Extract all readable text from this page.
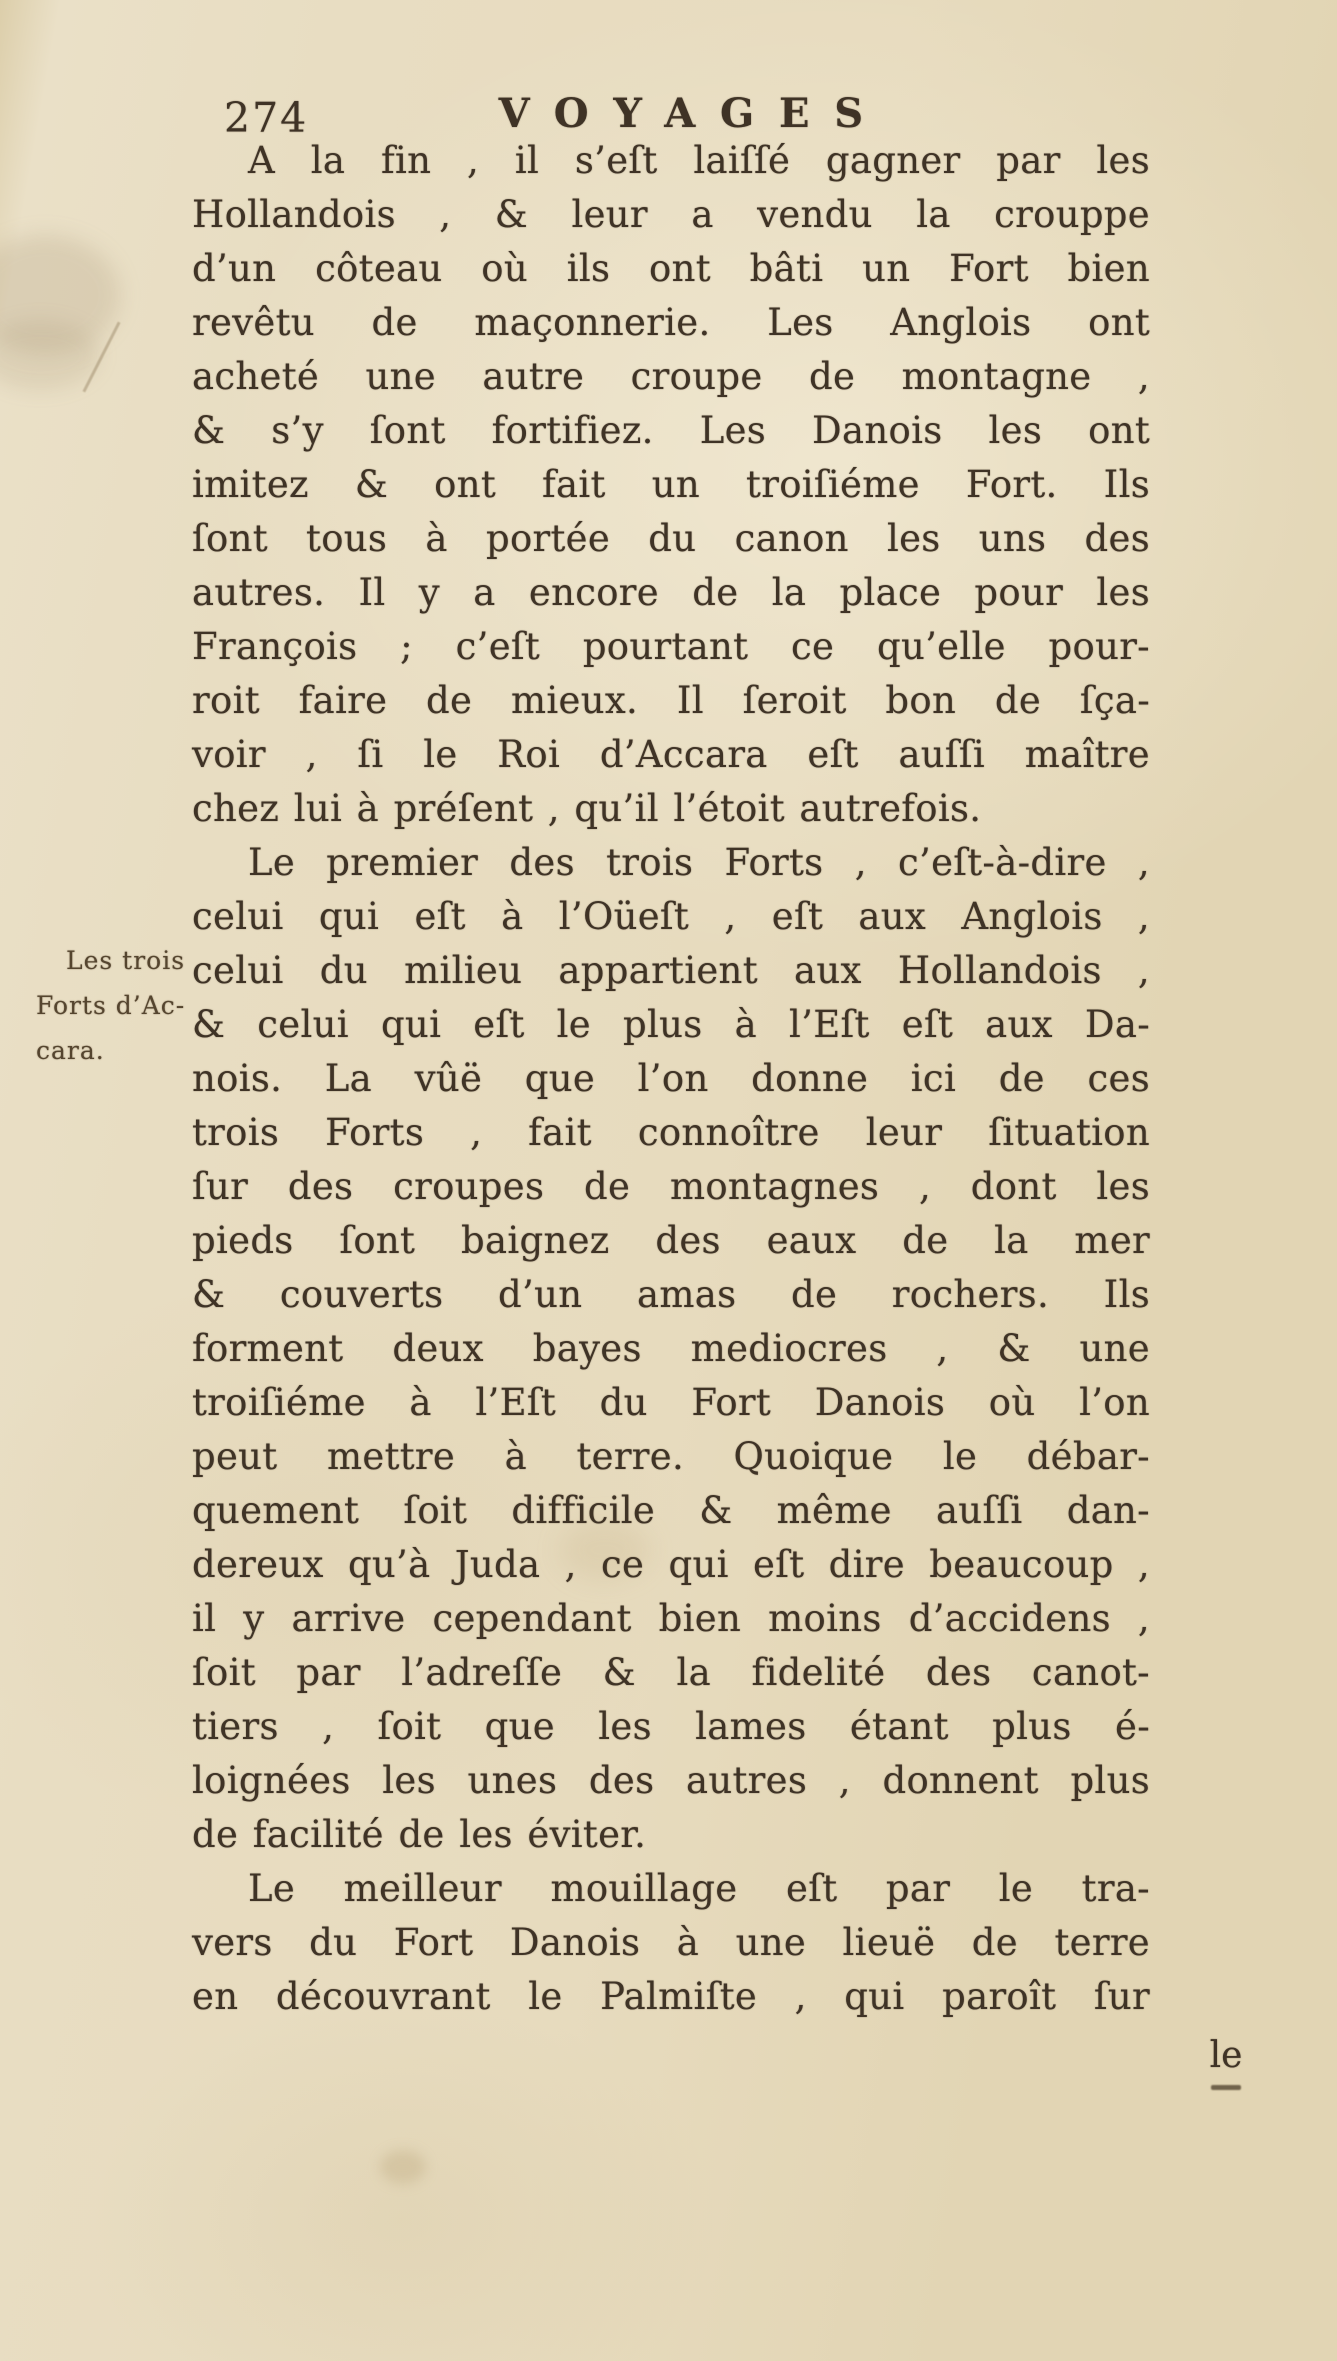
274	VOYAGES
Les trois
Forts d’Ac-
cara.
A la fin , il s’eſt laiſſé gagner par les
Hollandois , & leur a vendu la crouppe
d’un côteau où ils ont bâti un Fort bien
revêtu de maçonnerie. Les Anglois ont
acheté une autre croupe de montagne ,
& s’y ſont fortifiez. Les Danois les ont
imitez & ont fait un troiſiéme Fort. Ils
ſont tous à portée du canon les uns des
autres. Il y a encore de la place pour les
François ; c’eſt pourtant ce qu’elle pour-
roit faire de mieux. Il ſeroit bon de ſça-
voir , ſi le Roi d’Accara eſt auſſi maître
chez lui à préſent , qu’il l’étoit autrefois.
Le premier des trois Forts , c’eſt-à-dire ,
celui qui eſt à l’Oüeſt , eſt aux Anglois ,
celui du milieu appartient aux Hollandois ,
& celui qui eſt le plus à l’Eſt eſt aux Da-
nois. La vûë que l’on donne ici de ces
trois Forts , fait connoître leur ſituation
ſur des croupes de montagnes , dont les
pieds ſont baignez des eaux de la mer
& couverts d’un amas de rochers. Ils
forment deux bayes mediocres , & une
troiſiéme à l’Eſt du Fort Danois où l’on
peut mettre à terre. Quoique le débar-
quement ſoit difficile & même auſſi dan-
dereux qu’à Juda , ce qui eſt dire beaucoup ,
il y arrive cependant bien moins d’accidens ,
ſoit par l’adreſſe & la fidelité des canot-
tiers , ſoit que les lames étant plus é-
loignées les unes des autres , donnent plus
de facilité de les éviter.
Le meilleur mouillage eſt par le tra-
vers du Fort Danois à une lieuë de terre
en découvrant le Palmiſte , qui paroît ſur
le
